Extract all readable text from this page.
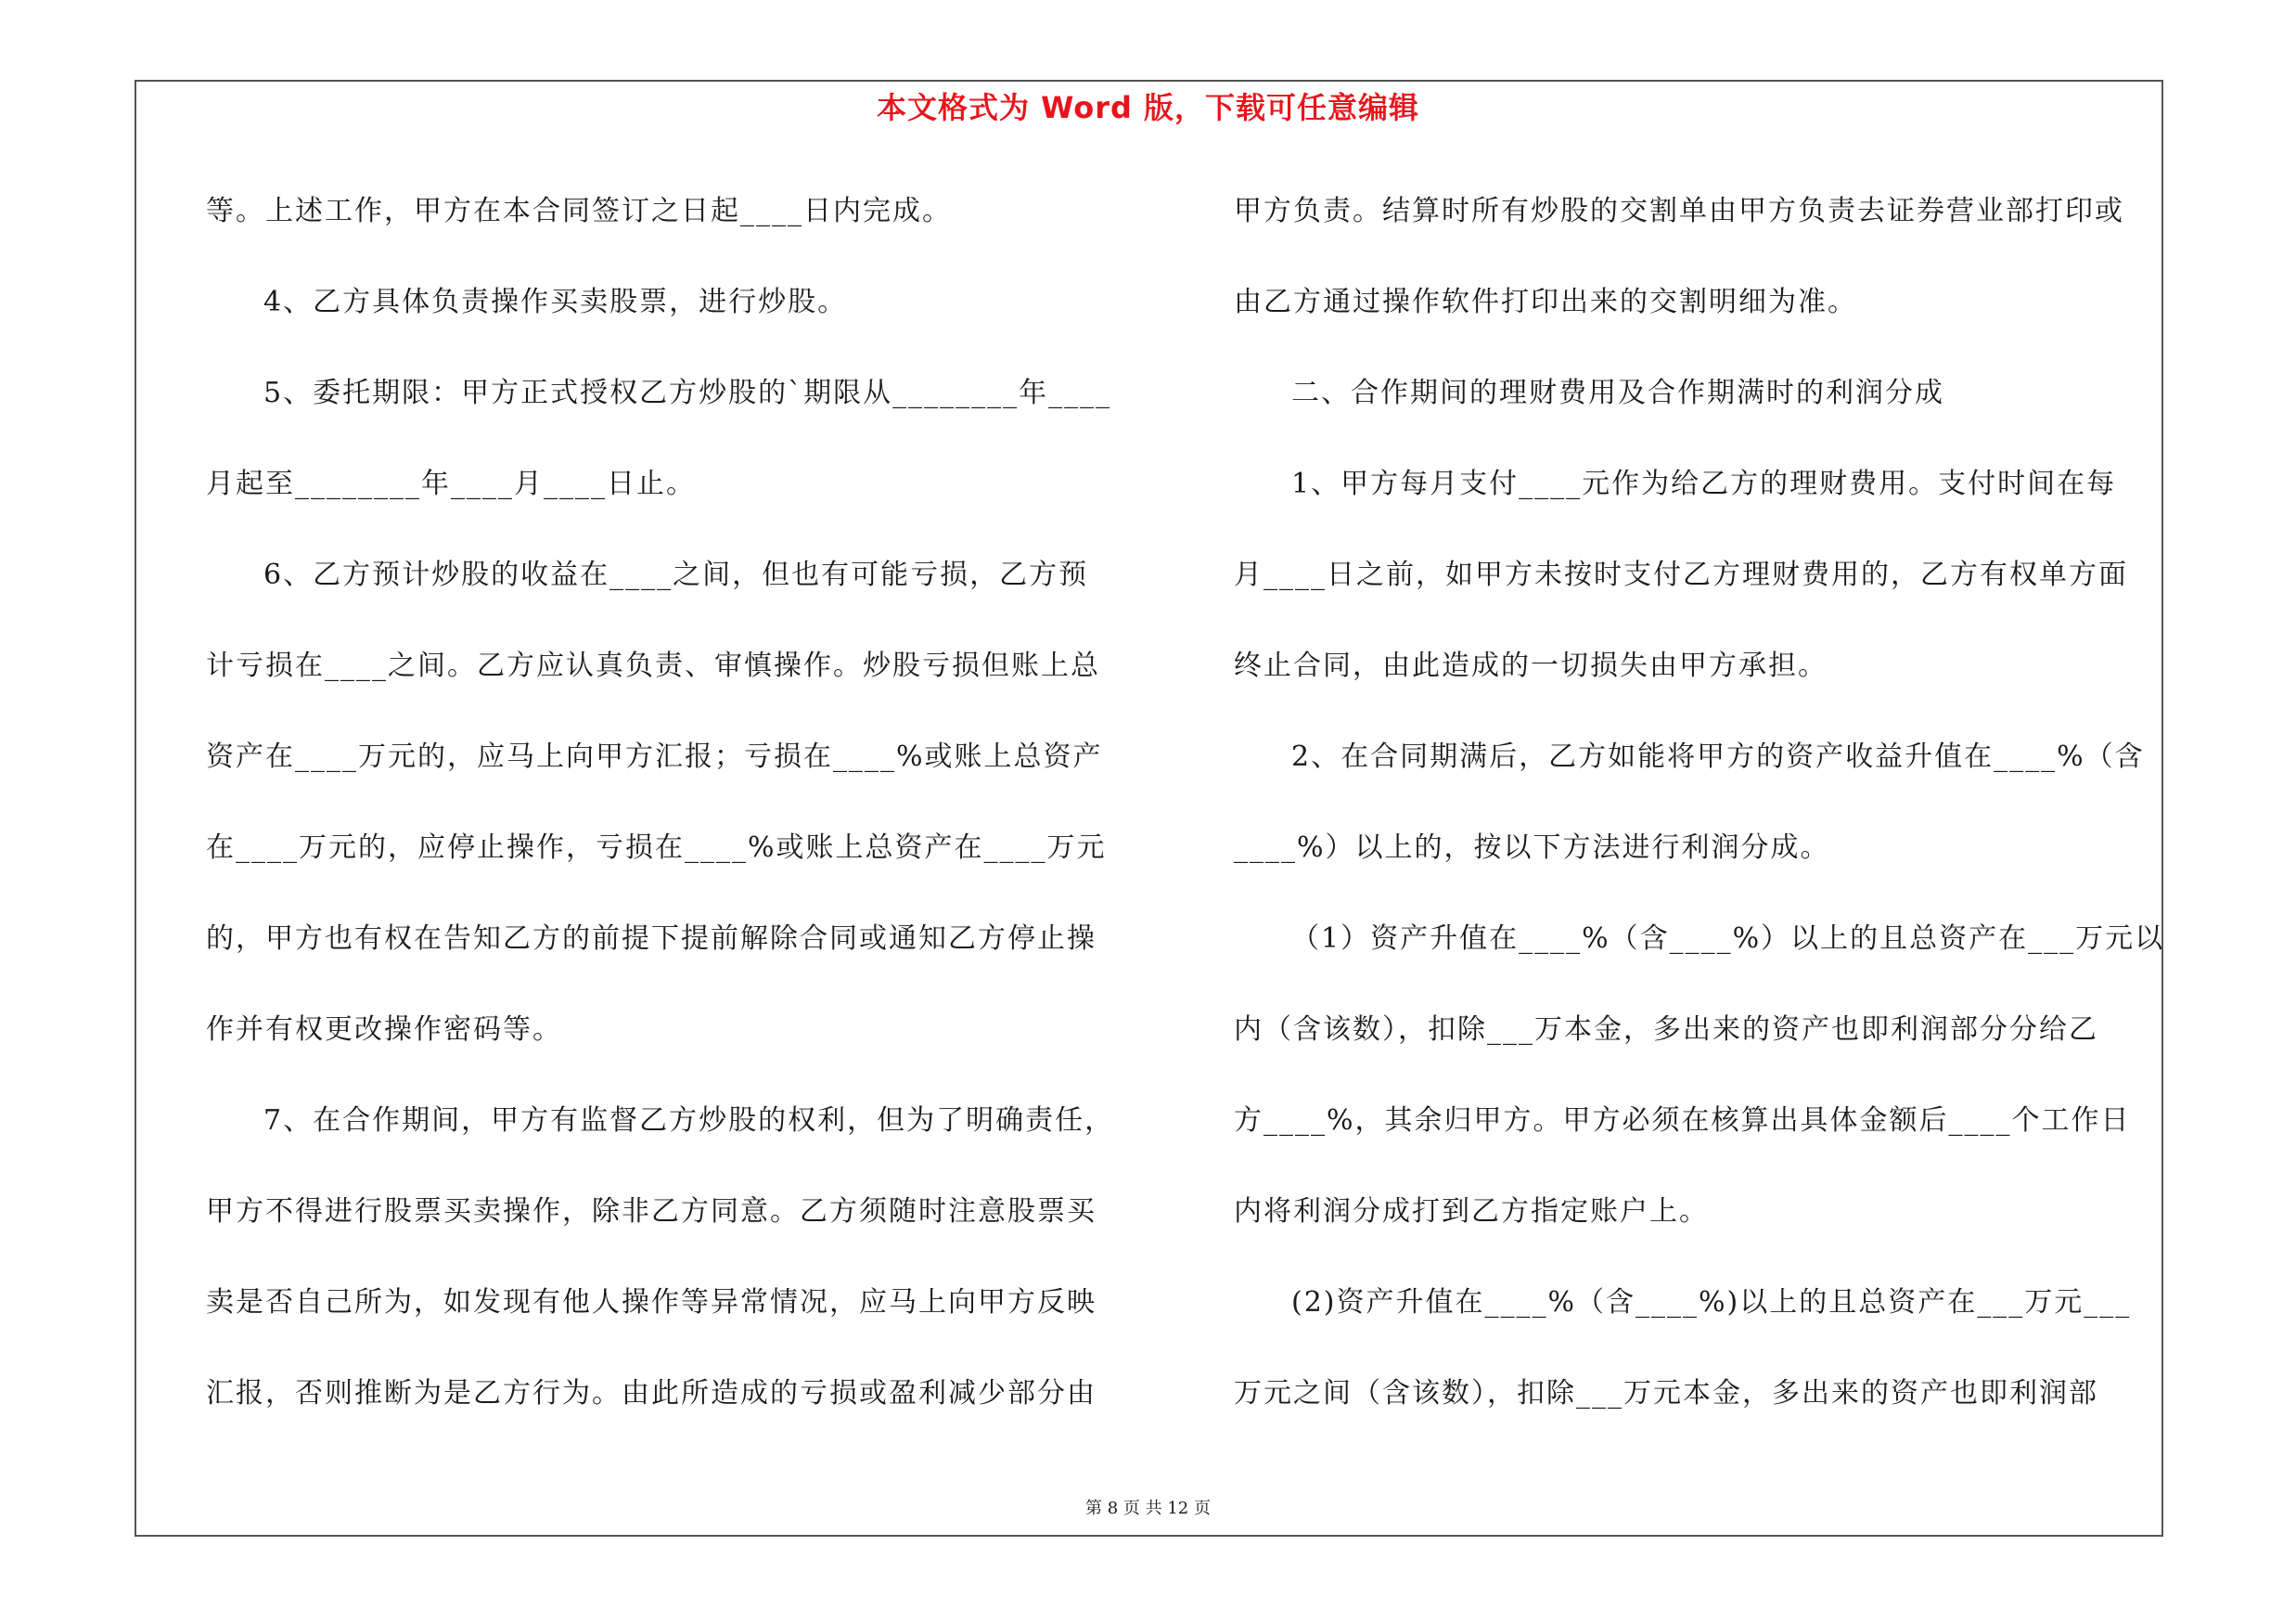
本文格式为 Word 版，下载可任意编辑
等。上述工作，甲方在本合同签订之日起____日内完成。
4、乙方具体负责操作买卖股票，进行炒股。
5、委托期限：甲方正式授权乙方炒股的`期限从________年____
月起至________年____月____日止。
6、乙方预计炒股的收益在____之间，但也有可能亏损，乙方预
计亏损在____之间。乙方应认真负责、审慎操作。炒股亏损但账上总
资产在____万元的，应马上向甲方汇报；亏损在____%或账上总资产
在____万元的，应停止操作，亏损在____%或账上总资产在____万元
的，甲方也有权在告知乙方的前提下提前解除合同或通知乙方停止操
作并有权更改操作密码等。
7、在合作期间，甲方有监督乙方炒股的权利，但为了明确责任，
甲方不得进行股票买卖操作，除非乙方同意。乙方须随时注意股票买
卖是否自己所为，如发现有他人操作等异常情况，应马上向甲方反映
汇报，否则推断为是乙方行为。由此所造成的亏损或盈利减少部分由
甲方负责。结算时所有炒股的交割单由甲方负责去证券营业部打印或
由乙方通过操作软件打印出来的交割明细为准。
二、合作期间的理财费用及合作期满时的利润分成
1、甲方每月支付____元作为给乙方的理财费用。支付时间在每
月____日之前，如甲方未按时支付乙方理财费用的，乙方有权单方面
终止合同，由此造成的一切损失由甲方承担。
2、在合同期满后，乙方如能将甲方的资产收益升值在____%（含
____%）以上的，按以下方法进行利润分成。
（1）资产升值在____%（含____%）以上的且总资产在___万元以
内（含该数），扣除___万本金，多出来的资产也即利润部分分给乙
方____%，其余归甲方。甲方必须在核算出具体金额后____个工作日
内将利润分成打到乙方指定账户上。
(2)资产升值在____%（含____%)以上的且总资产在___万元___
万元之间（含该数），扣除___万元本金，多出来的资产也即利润部
第 8 页 共 12 页
